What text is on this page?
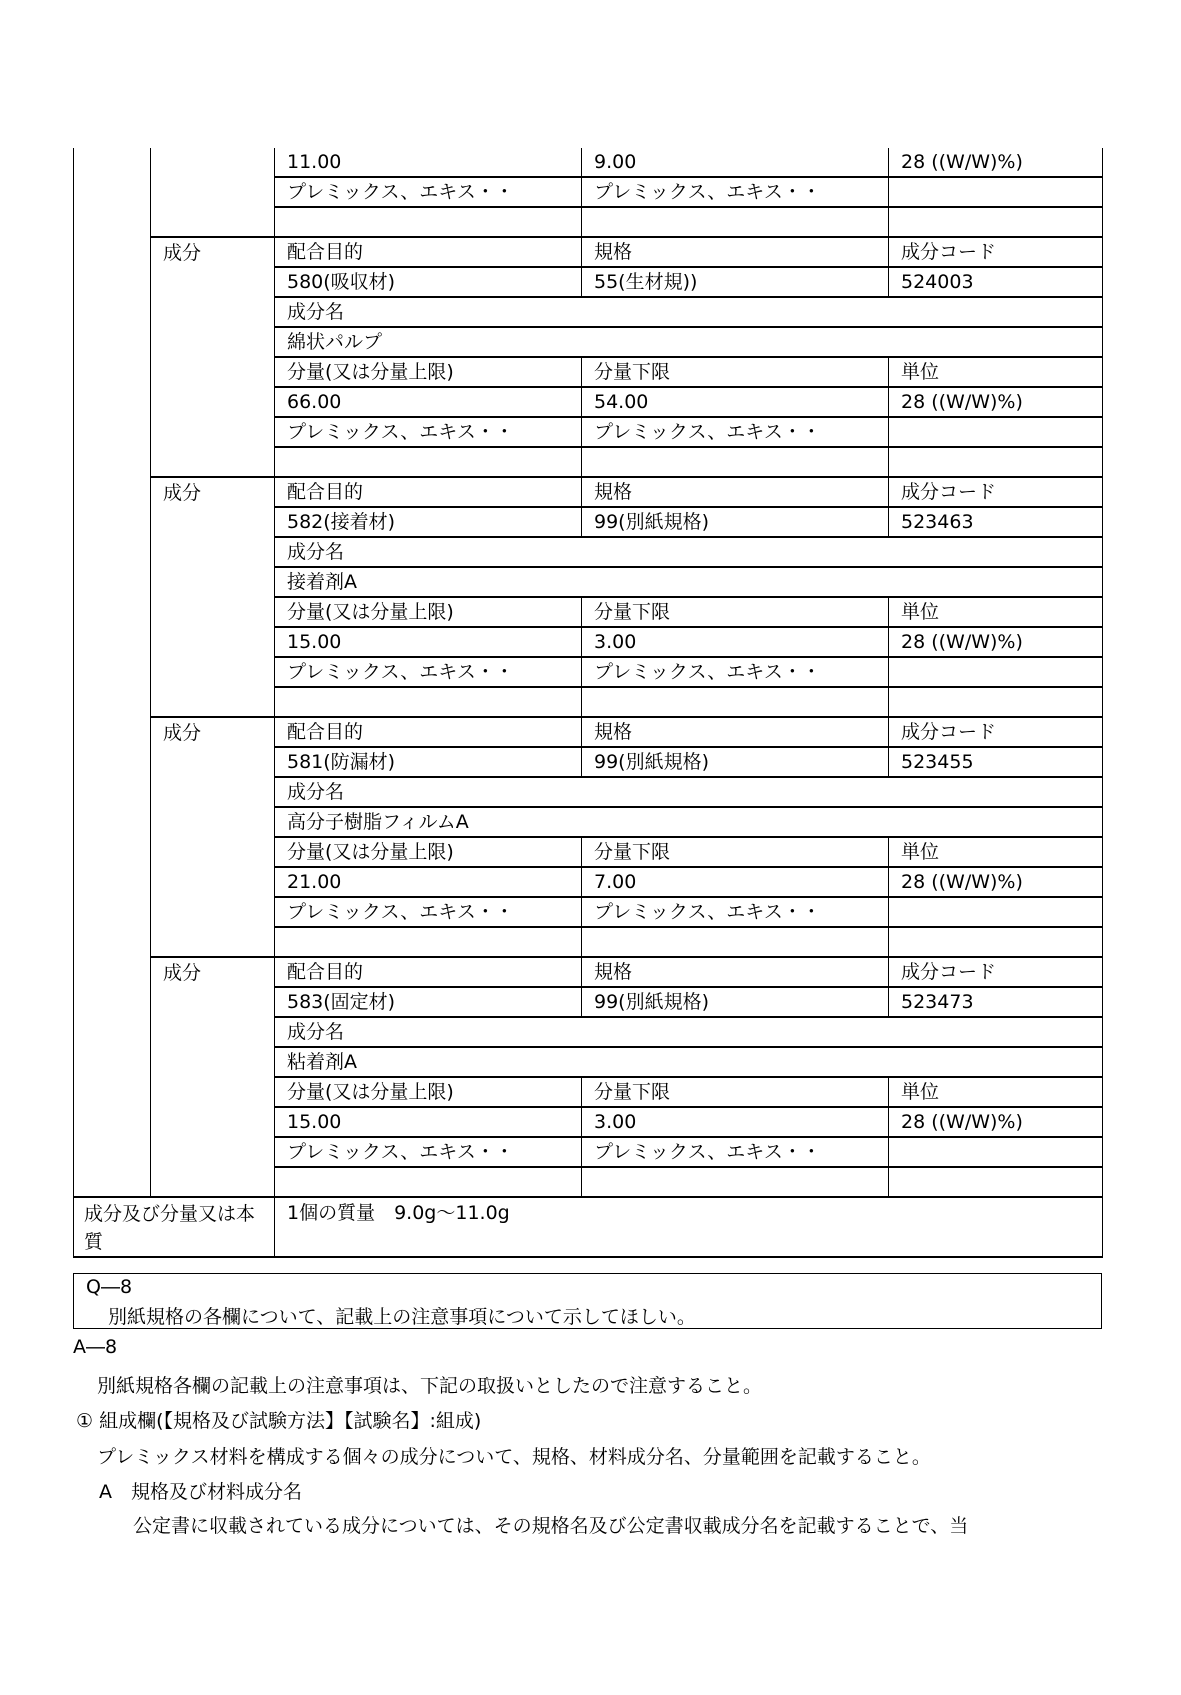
		11.00	9.00	28 ((W/W)%)
		プレミックス、エキス・・	プレミックス、エキス・・	

	成分	配合目的	規格	成分コード
		580(吸収材)	55(生材規))	524003
		成分名		
		綿状パルプ		
		分量(又は分量上限)	分量下限	単位
		66.00	54.00	28 ((W/W)%)
		プレミックス、エキス・・	プレミックス、エキス・・	

	成分	配合目的	規格	成分コード
		582(接着材)	99(別紙規格)	523463
		成分名		
		接着剤A		
		分量(又は分量上限)	分量下限	単位
		15.00	3.00	28 ((W/W)%)
		プレミックス、エキス・・	プレミックス、エキス・・	

	成分	配合目的	規格	成分コード
		581(防漏材)	99(別紙規格)	523455
		成分名		
		高分子樹脂フィルムA		
		分量(又は分量上限)	分量下限	単位
		21.00	7.00	28 ((W/W)%)
		プレミックス、エキス・・	プレミックス、エキス・・	

	成分	配合目的	規格	成分コード
		583(固定材)	99(別紙規格)	523473
		成分名		
		粘着剤A		
		分量(又は分量上限)	分量下限	単位
		15.00	3.00	28 ((W/W)%)
		プレミックス、エキス・・	プレミックス、エキス・・	

成分及び分量又は本質		1個の質量　9.0g～11.0g		
Q―8
別紙規格の各欄について、記載上の注意事項について示してほしい。
A―8
別紙規格各欄の記載上の注意事項は、下記の取扱いとしたので注意すること。
① 組成欄(【規格及び試験方法】【試験名】:組成)
プレミックス材料を構成する個々の成分について、規格、材料成分名、分量範囲を記載すること。
A　規格及び材料成分名
公定書に収載されている成分については、その規格名及び公定書収載成分名を記載することで、当
